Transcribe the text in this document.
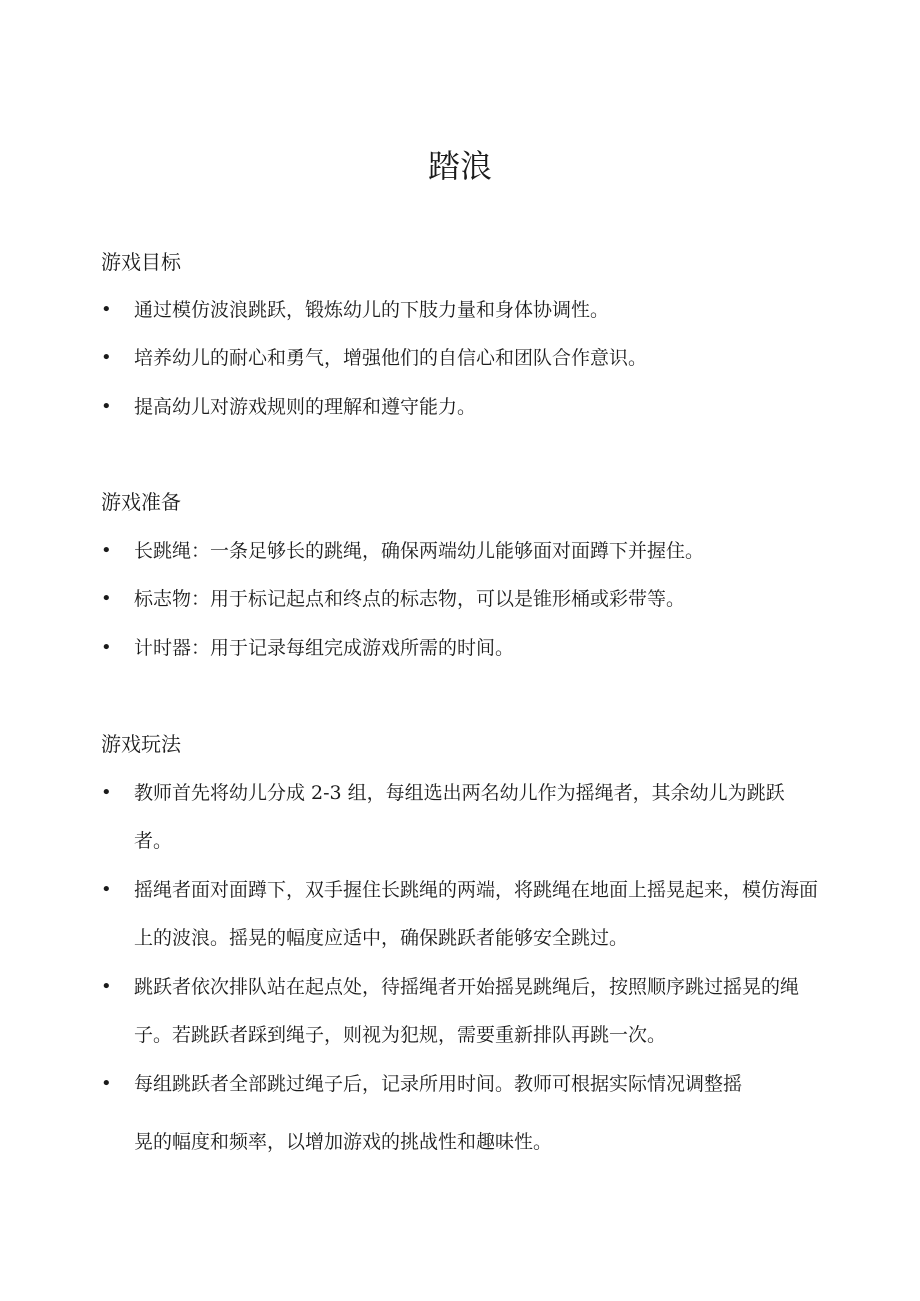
踏浪
游戏目标
•	通过模仿波浪跳跃，锻炼幼儿的下肢力量和身体协调性。

•	培养幼儿的耐心和勇气，增强他们的自信心和团队合作意识。

•	提高幼儿对游戏规则的理解和遵守能力。

游戏准备
•	长跳绳：一条足够长的跳绳，确保两端幼儿能够面对面蹲下并握住。

•	标志物：用于标记起点和终点的标志物，可以是锥形桶或彩带等。

•	计时器：用于记录每组完成游戏所需的时间。

游戏玩法
•	教师首先将幼儿分成 2-3 组，每组选出两名幼儿作为摇绳者，其余幼儿为跳跃者。

•	摇绳者面对面蹲下，双手握住长跳绳的两端，将跳绳在地面上摇晃起来，模仿海面上的波浪。摇晃的幅度应适中，确保跳跃者能够安全跳过。

•	跳跃者依次排队站在起点处，待摇绳者开始摇晃跳绳后，按照顺序跳过摇晃的绳子。若跳跃者踩到绳子，则视为犯规，需要重新排队再跳一次。

•	每组跳跃者全部跳过绳子后，记录所用时间。教师可根据实际情况调整摇

晃的幅度和频率，以增加游戏的挑战性和趣味性。
